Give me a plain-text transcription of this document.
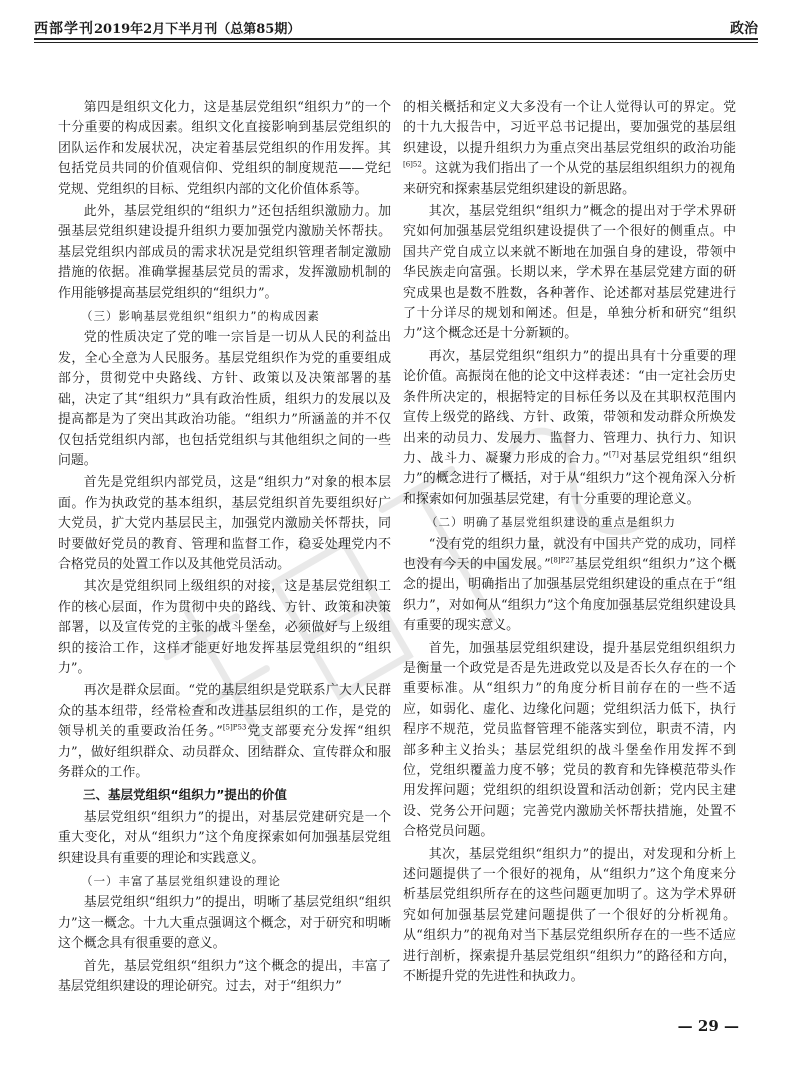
西部学刊2019年2月下半月刊（总第85期）	政治

第四是组织文化力，这是基层党组织“组织力”的一个十分重要的构成因素。组织文化直接影响到基层党组织的团队运作和发展状况，决定着基层党组织的作用发挥。其包括党员共同的价值观信仰、党组织的制度规范——党纪党规、党组织的目标、党组织内部的文化价值体系等。

此外，基层党组织的“组织力”还包括组织激励力。加强基层党组织建设提升组织力要加强党内激励关怀帮扶。基层党组织内部成员的需求状况是党组织管理者制定激励措施的依据。准确掌握基层党员的需求，发挥激励机制的作用能够提高基层党组织的“组织力”。

（三）影响基层党组织“组织力”的构成因素

党的性质决定了党的唯一宗旨是一切从人民的利益出发，全心全意为人民服务。基层党组织作为党的重要组成部分，贯彻党中央路线、方针、政策以及决策部署的基础，决定了其“组织力”具有政治性质，组织力的发展以及提高都是为了突出其政治功能。“组织力”所涵盖的并不仅仅包括党组织内部，也包括党组织与其他组织之间的一些问题。

首先是党组织内部党员，这是“组织力”对象的根本层面。作为执政党的基本组织，基层党组织首先要组织好广大党员，扩大党内基层民主，加强党内激励关怀帮扶，同时要做好党员的教育、管理和监督工作，稳妥处理党内不合格党员的处置工作以及其他党员活动。

其次是党组织同上级组织的对接，这是基层党组织工作的核心层面，作为贯彻中央的路线、方针、政策和决策部署，以及宣传党的主张的战斗堡垒，必须做好与上级组织的接洽工作，这样才能更好地发挥基层党组织的“组织力”。

再次是群众层面。“党的基层组织是党联系广大人民群众的基本纽带，经常检查和改进基层组织的工作，是党的领导机关的重要政治任务。”$^{[5]P53}$党支部要充分发挥“组织力”，做好组织群众、动员群众、团结群众、宣传群众和服务群众的工作。

三、基层党组织“组织力”提出的价值

基层党组织“组织力”的提出，对基层党建研究是一个重大变化，对从“组织力”这个角度探索如何加强基层党组织建设具有重要的理论和实践意义。

（一）丰富了基层党组织建设的理论

基层党组织“组织力”的提出，明晰了基层党组织“组织力”这一概念。十九大重点强调这个概念，对于研究和明晰这个概念具有很重要的意义。

首先，基层党组织“组织力”这个概念的提出，丰富了基层党组织建设的理论研究。过去，对于“组织力”

的相关概括和定义大多没有一个让人觉得认可的界定。党的十九大报告中，习近平总书记提出，要加强党的基层组织建设，以提升组织力为重点突出基层党组织的政治功能$^{[6]52}$。这就为我们指出了一个从党的基层组织组织力的视角来研究和探索基层党组织建设的新思路。

其次，基层党组织“组织力”概念的提出对于学术界研究如何加强基层党组织建设提供了一个很好的侧重点。中国共产党自成立以来就不断地在加强自身的建设，带领中华民族走向富强。长期以来，学术界在基层党建方面的研究成果也是数不胜数，各种著作、论述都对基层党建进行了十分详尽的规划和阐述。但是，单独分析和研究“组织力”这个概念还是十分新颖的。

再次，基层党组织“组织力”的提出具有十分重要的理论价值。高振岗在他的论文中这样表述：“由一定社会历史条件所决定的，根据特定的目标任务以及在其职权范围内宣传上级党的路线、方针、政策，带领和发动群众所焕发出来的动员力、发展力、监督力、管理力、执行力、知识力、战斗力、凝聚力形成的合力。”[7]对基层党组织“组织力”的概念进行了概括，对于从“组织力”这个视角深入分析和探索如何加强基层党建，有十分重要的理论意义。

（二）明确了基层党组织建设的重点是组织力

“没有党的组织力量，就没有中国共产党的成功，同样也没有今天的中国发展。”$^{[8]P27}$基层党组织“组织力”这个概念的提出，明确指出了加强基层党组织建设的重点在于“组织力”，对如何从“组织力”这个角度加强基层党组织建设具有重要的现实意义。

首先，加强基层党组织建设，提升基层党组织组织力是衡量一个政党是否是先进政党以及是否长久存在的一个重要标准。从“组织力”的角度分析目前存在的一些不适应，如弱化、虚化、边缘化问题；党组织活力低下，执行程序不规范，党员监督管理不能落实到位，职责不清，内部多种主义抬头；基层党组织的战斗堡垒作用发挥不到位，党组织覆盖力度不够；党员的教育和先锋模范带头作用发挥问题；党组织的组织设置和活动创新；党内民主建设、党务公开问题；完善党内激励关怀帮扶措施，处置不合格党员问题。

其次，基层党组织“组织力”的提出，对发现和分析上述问题提供了一个很好的视角，从“组织力”这个角度来分析基层党组织所存在的这些问题更加明了。这为学术界研究如何加强基层党建问题提供了一个很好的分析视角。从“组织力”的视角对当下基层党组织所存在的一些不适应进行剖析，探索提升基层党组织“组织力”的路径和方向，不断提升党的先进性和执政力。

— 29 —
